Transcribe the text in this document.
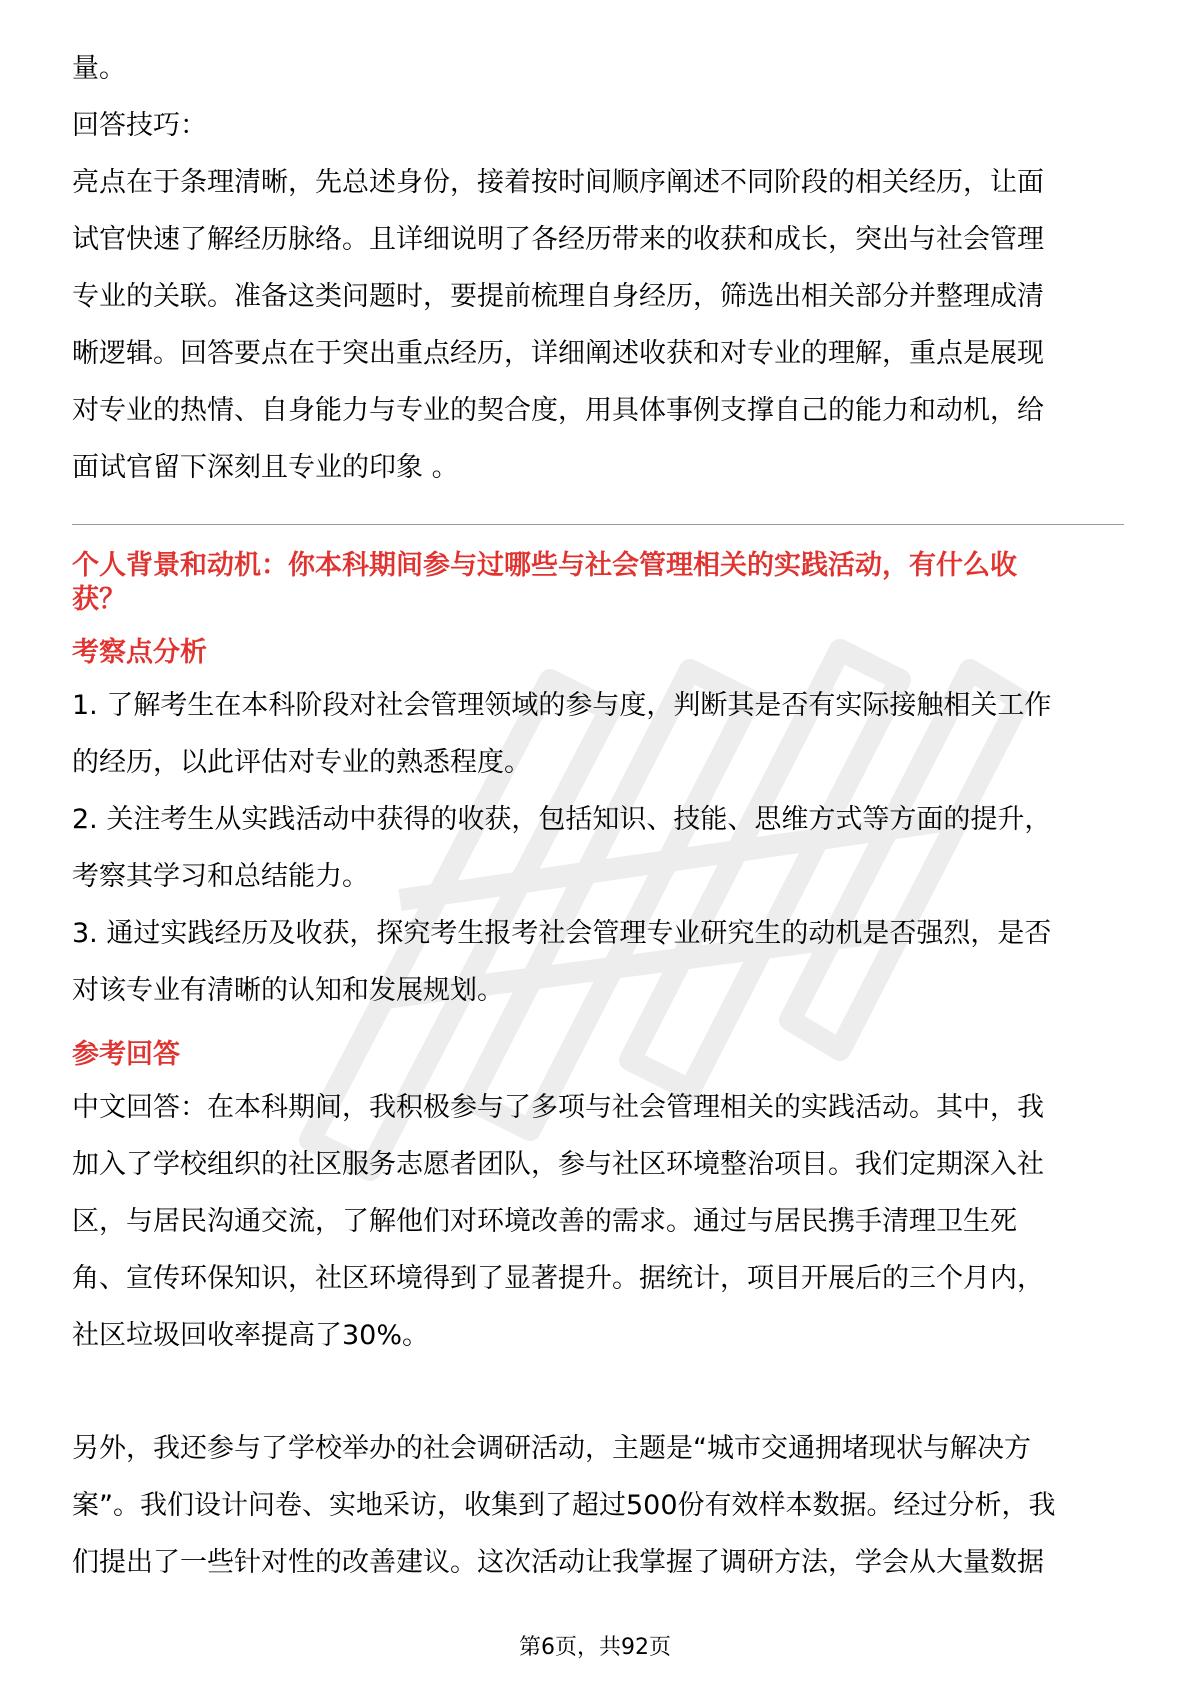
量。

回答技巧：

亮点在于条理清晰，先总述身份，接着按时间顺序阐述不同阶段的相关经历，让面

试官快速了解经历脉络。且详细说明了各经历带来的收获和成长，突出与社会管理

专业的关联。准备这类问题时，要提前梳理自身经历，筛选出相关部分并整理成清

晰逻辑。回答要点在于突出重点经历，详细阐述收获和对专业的理解，重点是展现

对专业的热情、自身能力与专业的契合度，用具体事例支撑自己的能力和动机，给

面试官留下深刻且专业的印象 。

个人背景和动机：你本科期间参与过哪些与社会管理相关的实践活动，有什么收

获？

考察点分析

1. 了解考生在本科阶段对社会管理领域的参与度，判断其是否有实际接触相关工作

的经历，以此评估对专业的熟悉程度。

2. 关注考生从实践活动中获得的收获，包括知识、技能、思维方式等方面的提升，

考察其学习和总结能力。

3. 通过实践经历及收获，探究考生报考社会管理专业研究生的动机是否强烈，是否

对该专业有清晰的认知和发展规划。

参考回答

中文回答：在本科期间，我积极参与了多项与社会管理相关的实践活动。其中，我

加入了学校组织的社区服务志愿者团队，参与社区环境整治项目。我们定期深入社

区，与居民沟通交流，了解他们对环境改善的需求。通过与居民携手清理卫生死

角、宣传环保知识，社区环境得到了显著提升。据统计，项目开展后的三个月内，

社区垃圾回收率提高了30%。

另外，我还参与了学校举办的社会调研活动，主题是“城市交通拥堵现状与解决方

案”。我们设计问卷、实地采访，收集到了超过500份有效样本数据。经过分析，我

们提出了一些针对性的改善建议。这次活动让我掌握了调研方法，学会从大量数据

第6页，共92页
